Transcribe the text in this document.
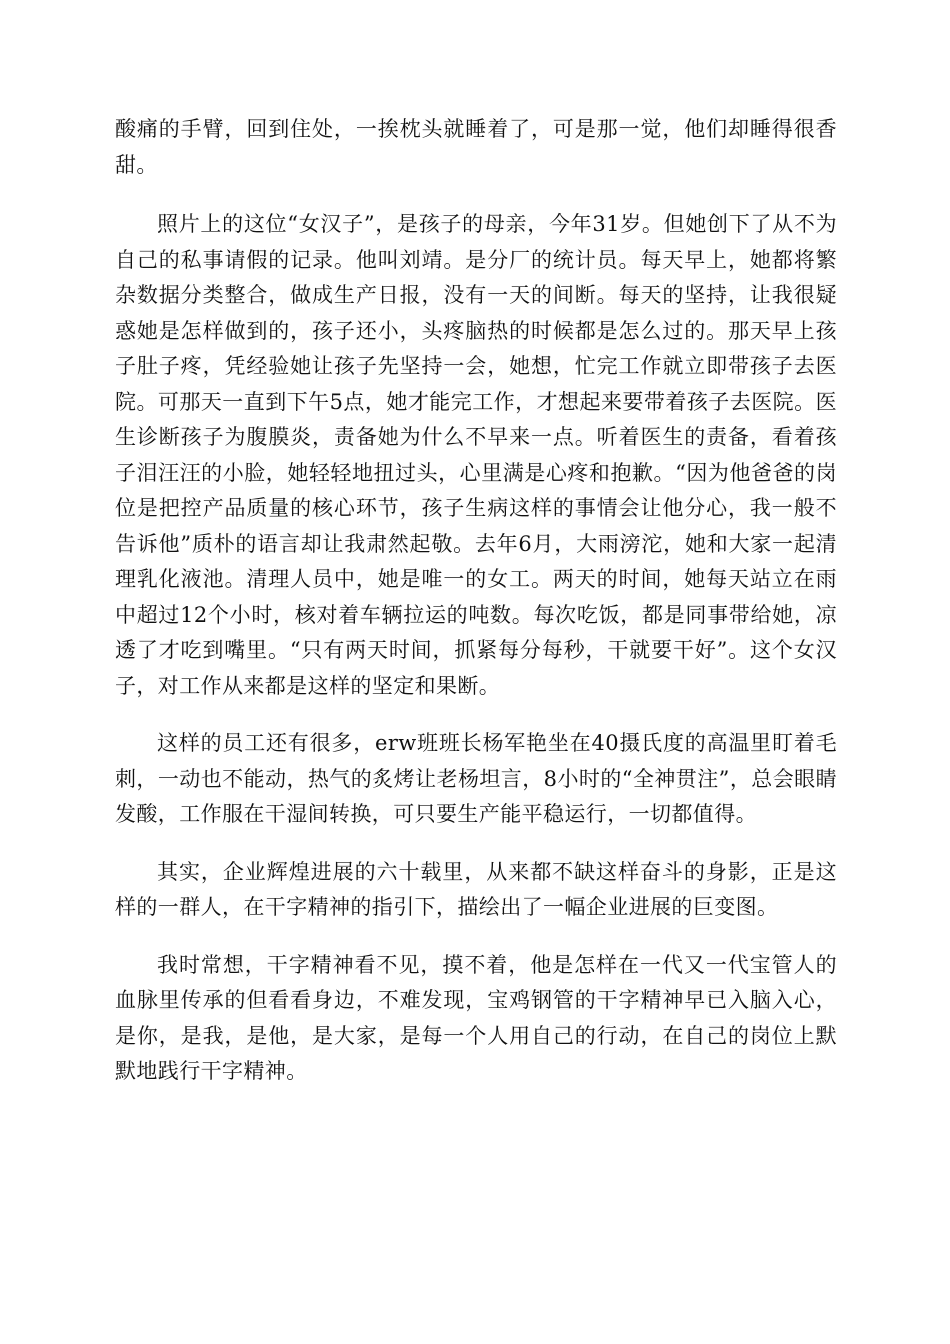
酸痛的手臂，回到住处，一挨枕头就睡着了，可是那一觉，他们却睡得很香甜。

照片上的这位“女汉子”，是孩子的母亲，今年31岁。但她创下了从不为自己的私事请假的记录。他叫刘靖。是分厂的统计员。每天早上，她都将繁杂数据分类整合，做成生产日报，没有一天的间断。每天的坚持，让我很疑惑她是怎样做到的，孩子还小，头疼脑热的时候都是怎么过的。那天早上孩子肚子疼，凭经验她让孩子先坚持一会，她想，忙完工作就立即带孩子去医院。可那天一直到下午5点，她才能完工作，才想起来要带着孩子去医院。医生诊断孩子为腹膜炎，责备她为什么不早来一点。听着医生的责备，看着孩子泪汪汪的小脸，她轻轻地扭过头，心里满是心疼和抱歉。“因为他爸爸的岗位是把控产品质量的核心环节，孩子生病这样的事情会让他分心，我一般不告诉他”质朴的语言却让我肃然起敬。去年6月，大雨滂沱，她和大家一起清理乳化液池。清理人员中，她是唯一的女工。两天的时间，她每天站立在雨中超过12个小时，核对着车辆拉运的吨数。每次吃饭，都是同事带给她，凉透了才吃到嘴里。“只有两天时间，抓紧每分每秒，干就要干好”。这个女汉子，对工作从来都是这样的坚定和果断。

这样的员工还有很多，erw班班长杨军艳坐在40摄氏度的高温里盯着毛刺，一动也不能动，热气的炙烤让老杨坦言，8小时的“全神贯注”，总会眼睛发酸，工作服在干湿间转换，可只要生产能平稳运行，一切都值得。

其实，企业辉煌进展的六十载里，从来都不缺这样奋斗的身影，正是这样的一群人，在干字精神的指引下，描绘出了一幅企业进展的巨变图。

我时常想，干字精神看不见，摸不着，他是怎样在一代又一代宝管人的血脉里传承的但看看身边，不难发现，宝鸡钢管的干字精神早已入脑入心，是你，是我，是他，是大家，是每一个人用自己的行动，在自己的岗位上默默地践行干字精神。
